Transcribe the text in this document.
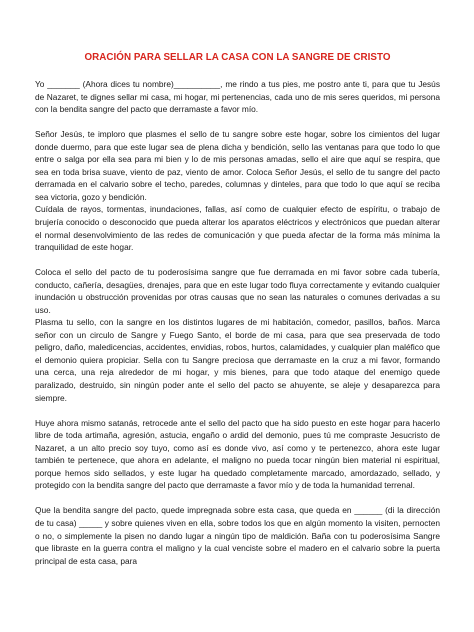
ORACIÓN PARA SELLAR LA CASA CON LA SANGRE DE CRISTO

Yo _______ (Ahora dices tu nombre)__________, me rindo a tus pies, me postro ante ti, para que tu Jesús de Nazaret, te dignes sellar mi casa, mi hogar, mi pertenencias, cada uno de mis seres queridos, mi persona con la bendita sangre del pacto que derramaste a favor mío.

Señor Jesús, te imploro que plasmes el sello de tu sangre sobre este hogar, sobre los cimientos del lugar donde duermo, para que este lugar sea de plena dicha y bendición, sello las ventanas para que todo lo que entre o salga por ella sea para mi bien y lo de mis personas amadas, sello el aire que aquí se respira, que sea en toda brisa suave, viento de paz, viento de amor. Coloca Señor Jesús, el sello de tu sangre del pacto derramada en el calvario sobre el techo, paredes, columnas y dinteles, para que todo lo que aquí se reciba sea victoria, gozo y bendición.

Cuídala de rayos, tormentas, inundaciones, fallas, así como de cualquier efecto de espíritu, o trabajo de brujería conocido o desconocido que pueda alterar los aparatos eléctricos y electrónicos que puedan alterar el normal desenvolvimiento de las redes de comunicación y que pueda afectar de la forma más mínima la tranquilidad de este hogar.

Coloca el sello del pacto de tu poderosísima sangre que fue derramada en mi favor sobre cada tubería, conducto, cañería, desagües, drenajes, para que en este lugar todo fluya correctamente y evitando cualquier inundación u obstrucción provenidas por otras causas que no sean las naturales o comunes derivadas a su uso.

Plasma tu sello, con la sangre en los distintos lugares de mi habitación, comedor, pasillos, baños. Marca señor con un circulo de Sangre y Fuego Santo, el borde de mi casa, para que sea preservada de todo peligro, daño, maledicencias, accidentes, envidias, robos, hurtos, calamidades, y cualquier plan maléfico que el demonio quiera propiciar. Sella con tu Sangre preciosa que derramaste en la cruz a mi favor, formando una cerca, una reja alrededor de mi hogar, y mis bienes, para que todo ataque del enemigo quede paralizado, destruido, sin ningún poder ante el sello del pacto se ahuyente, se aleje y desaparezca para siempre.

Huye ahora mismo satanás, retrocede ante el sello del pacto que ha sido puesto en este hogar para hacerlo libre de toda artimaña, agresión, astucia, engaño o ardid del demonio, pues tú me compraste Jesucristo de Nazaret, a un alto precio soy tuyo, como así es donde vivo, así como y te pertenezco, ahora este lugar también te pertenece, que ahora en adelante, el maligno no pueda tocar ningún bien material ni espiritual, porque hemos sido sellados, y este lugar ha quedado completamente marcado, amordazado, sellado, y protegido con la bendita sangre del pacto que derramaste a favor mío y de toda la humanidad terrenal.

Que la bendita sangre del pacto, quede impregnada sobre esta casa, que queda en ______ (di la dirección de tu casa) _____ y sobre quienes viven en ella, sobre todos los que en algún momento la visiten, pernocten o no, o simplemente la pisen no dando lugar a ningún tipo de maldición. Baña con tu poderosísima Sangre que libraste en la guerra contra el maligno y la cual venciste sobre el madero en el calvario sobre la puerta principal de esta casa, para
